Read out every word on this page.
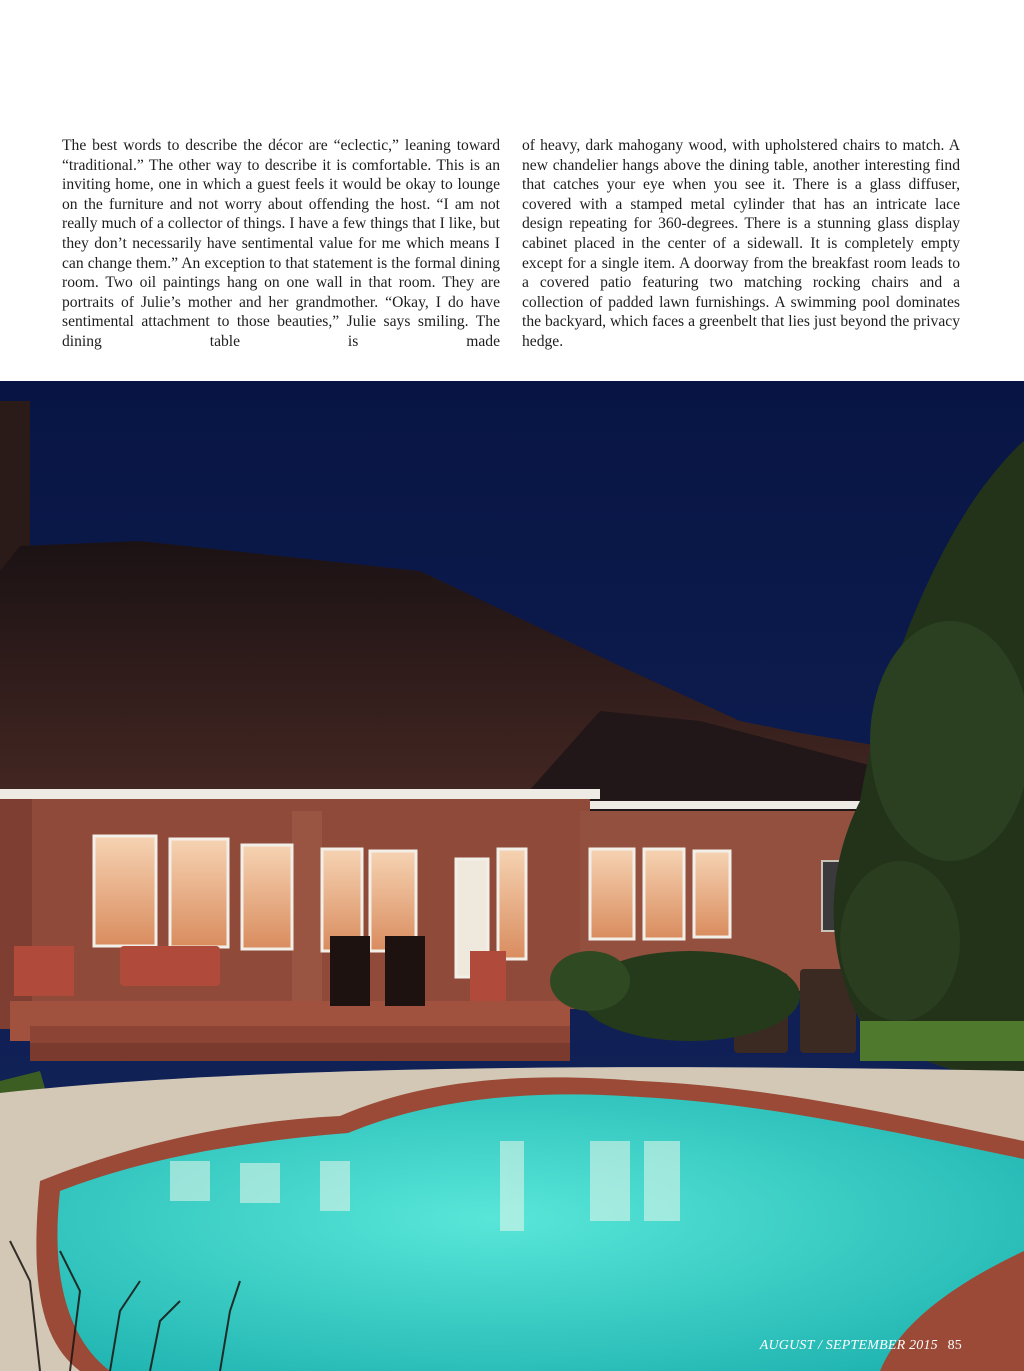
The best words to describe the décor are “eclectic,” leaning toward “traditional.” The other way to describe it is comfortable. This is an inviting home, one in which a guest feels it would be okay to lounge on the furniture and not worry about offending the host. “I am not really much of a collector of things. I have a few things that I like, but they don’t necessarily have sentimental value for me which means I can change them.” An exception to that statement is the formal dining room. Two oil paintings hang on one wall in that room. They are portraits of Julie’s mother and her grandmother. “Okay, I do have sentimental attachment to those beauties,” Julie says smiling. The dining table is made
of heavy, dark mahogany wood, with upholstered chairs to match. A new chandelier hangs above the dining table, another interesting find that catches your eye when you see it. There is a glass diffuser, covered with a stamped metal cylinder that has an intricate lace design repeating for 360-degrees. There is a stunning glass display cabinet placed in the center of a sidewall. It is completely empty except for a single item. A doorway from the breakfast room leads to a covered patio featuring two matching rocking chairs and a collection of padded lawn furnishings. A swimming pool dominates the backyard, which faces a greenbelt that lies just beyond the privacy hedge.
AUGUST / SEPTEMBER 2015 85
